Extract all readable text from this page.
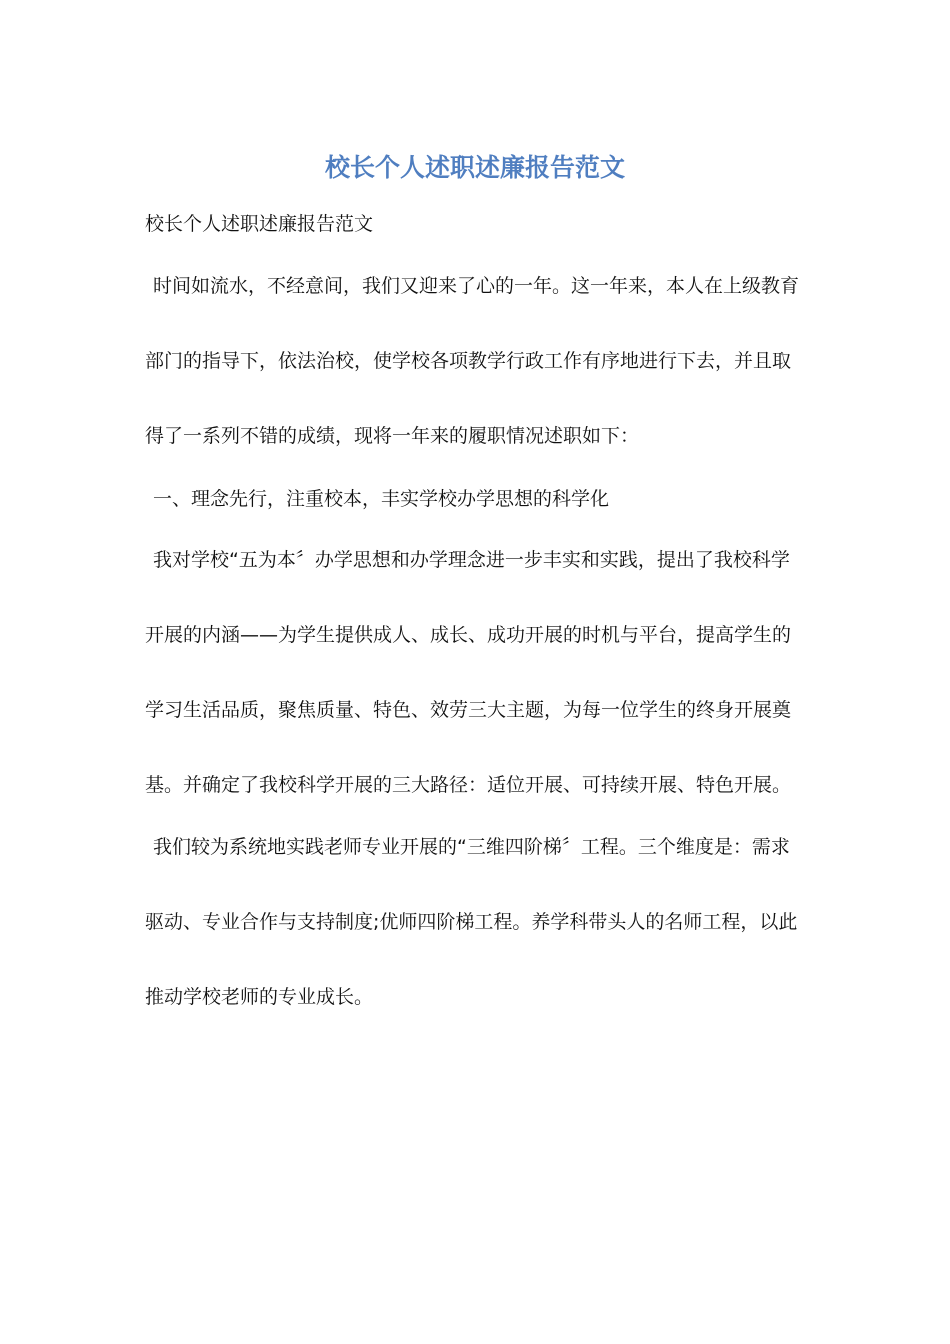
校长个人述职述廉报告范文
校长个人述职述廉报告范文
时间如流水，不经意间，我们又迎来了心的一年。这一年来，本人在上级教育
部门的指导下，依法治校，使学校各项教学行政工作有序地进行下去，并且取
得了一系列不错的成绩，现将一年来的履职情况述职如下：
一、理念先行，注重校本，丰实学校办学思想的科学化
我对学校“五为本〞办学思想和办学理念进一步丰实和实践，提出了我校科学
开展的内涵——为学生提供成人、成长、成功开展的时机与平台，提高学生的
学习生活品质，聚焦质量、特色、效劳三大主题，为每一位学生的终身开展奠
基。并确定了我校科学开展的三大路径：适位开展、可持续开展、特色开展。
我们较为系统地实践老师专业开展的“三维四阶梯〞工程。三个维度是：需求
驱动、专业合作与支持制度;优师四阶梯工程。养学科带头人的名师工程，以此
推动学校老师的专业成长。
